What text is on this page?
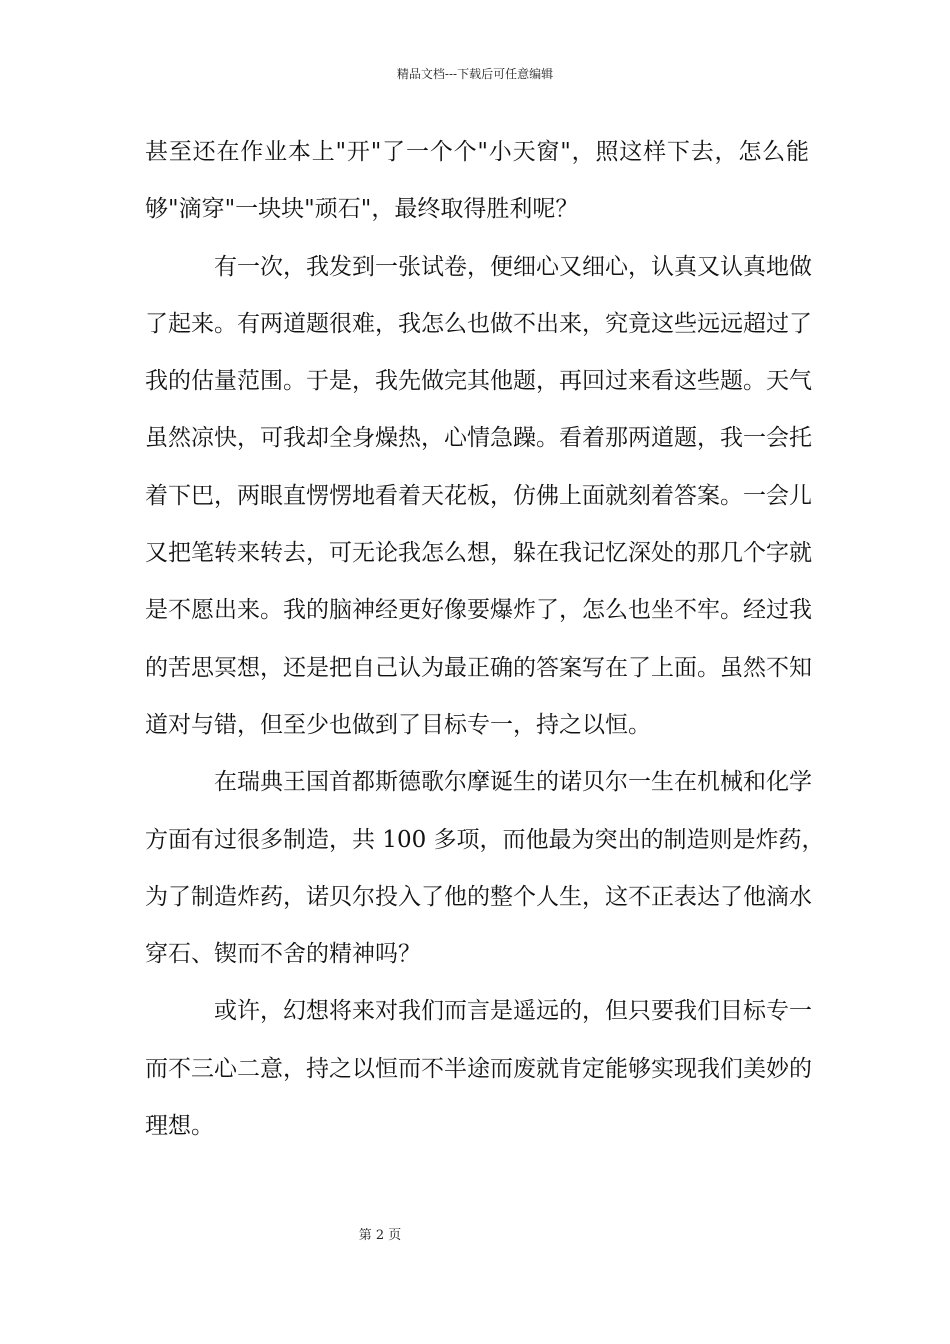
精品文档---下载后可任意编辑
甚至还在作业本上"开"了一个个"小天窗"，照这样下去，怎么能
够"滴穿"一块块"顽石"，最终取得胜利呢？
有一次，我发到一张试卷，便细心又细心，认真又认真地做
了起来。有两道题很难，我怎么也做不出来，究竟这些远远超过了
我的估量范围。于是，我先做完其他题，再回过来看这些题。天气
虽然凉快，可我却全身燥热，心情急躁。看着那两道题，我一会托
着下巴，两眼直愣愣地看着天花板，仿佛上面就刻着答案。一会儿
又把笔转来转去，可无论我怎么想，躲在我记忆深处的那几个字就
是不愿出来。我的脑神经更好像要爆炸了，怎么也坐不牢。经过我
的苦思冥想，还是把自己认为最正确的答案写在了上面。虽然不知
道对与错，但至少也做到了目标专一，持之以恒。
在瑞典王国首都斯德歌尔摩诞生的诺贝尔一生在机械和化学
方面有过很多制造，共 100 多项，而他最为突出的制造则是炸药，
为了制造炸药，诺贝尔投入了他的整个人生，这不正表达了他滴水
穿石、锲而不舍的精神吗？
或许，幻想将来对我们而言是遥远的，但只要我们目标专一
而不三心二意，持之以恒而不半途而废就肯定能够实现我们美妙的
理想。
第 2 页
